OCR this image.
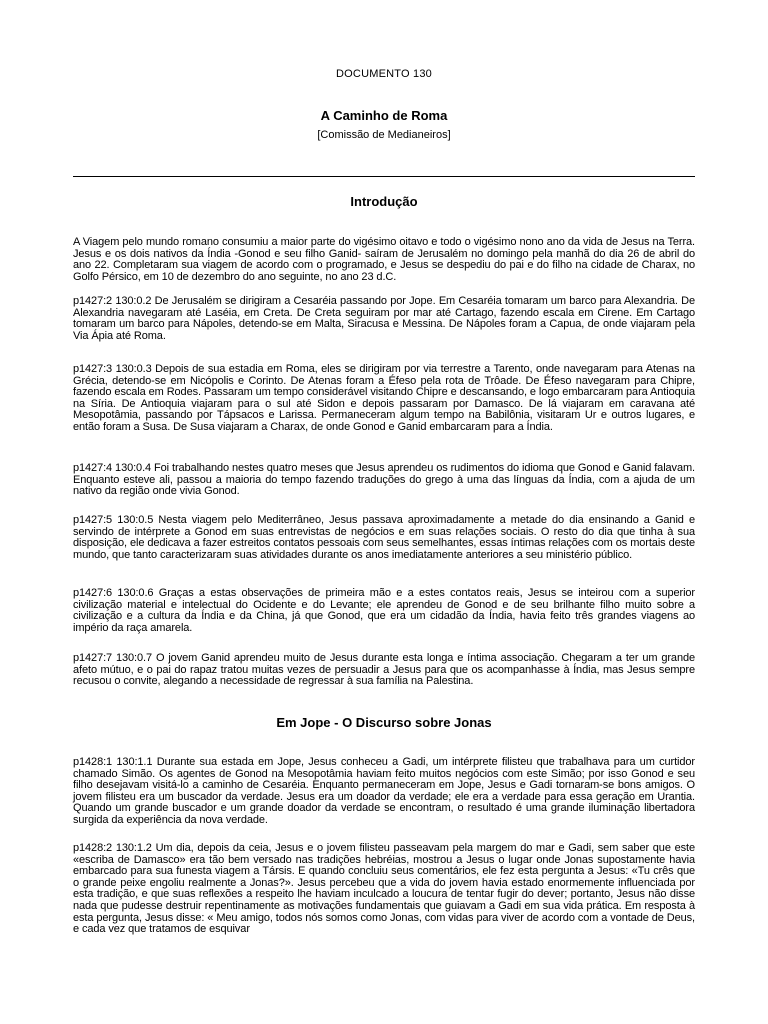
DOCUMENTO 130
A Caminho de Roma
[Comissão de Medianeiros]
Introdução

A Viagem pelo mundo romano consumiu a maior parte do vigésimo oitavo e todo o vigésimo nono ano da vida de Jesus na Terra. Jesus e os dois nativos da Índia -Gonod e seu filho Ganid- saíram de Jerusalém no domingo pela manhã do dia 26 de abril do ano 22. Completaram sua viagem de acordo com o programado, e Jesus se despediu do pai e do filho na cidade de Charax, no Golfo Pérsico, em 10 de dezembro do ano seguinte, no ano 23 d.C.

p1427:2 130:0.2 De Jerusalém se dirigiram a Cesaréia passando por Jope. Em Cesaréia tomaram um barco para Alexandria. De Alexandria navegaram até Laséia, em Creta. De Creta seguiram por mar até Cartago, fazendo escala em Cirene. Em Cartago tomaram um barco para Nápoles, detendo-se em Malta, Siracusa e Messina. De Nápoles foram a Capua, de onde viajaram pela Via Ápia até Roma.

p1427:3 130:0.3 Depois de sua estadia em Roma, eles se dirigiram por via terrestre a Tarento, onde navegaram para Atenas na Grécia, detendo-se em Nicópolis e Corinto. De Atenas foram a Éfeso pela rota de Trôade. De Éfeso navegaram para Chipre, fazendo escala em Rodes. Passaram um tempo considerável visitando Chipre e descansando, e logo embarcaram para Antioquia na Síria. De Antioquia viajaram para o sul até Sidon e depois passaram por Damasco. De lá viajaram em caravana até Mesopotâmia, passando por Tápsacos e Larissa. Permaneceram algum tempo na Babilônia, visitaram Ur e outros lugares, e então foram a Susa. De Susa viajaram a Charax, de onde Gonod e Ganid embarcaram para a Índia.

p1427:4 130:0.4 Foi trabalhando nestes quatro meses que Jesus aprendeu os rudimentos do idioma que Gonod e Ganid falavam. Enquanto esteve ali, passou a maioria do tempo fazendo traduções do grego à uma das línguas da Índia, com a ajuda de um nativo da região onde vivia Gonod.

p1427:5 130:0.5 Nesta viagem pelo Mediterrâneo, Jesus passava aproximadamente a metade do dia ensinando a Ganid e servindo de intérprete a Gonod em suas entrevistas de negócios e em suas relações sociais. O resto do dia que tinha à sua disposição, ele dedicava a fazer estreitos contatos pessoais com seus semelhantes, essas íntimas relações com os mortais deste mundo, que tanto caracterizaram suas atividades durante os anos imediatamente anteriores a seu ministério público.

p1427:6 130:0.6 Graças a estas observações de primeira mão e a estes contatos reais, Jesus se inteirou com a superior civilização material e intelectual do Ocidente e do Levante; ele aprendeu de Gonod e de seu brilhante filho muito sobre a civilização e a cultura da Índia e da China, já que Gonod, que era um cidadão da Índia, havia feito três grandes viagens ao império da raça amarela.

p1427:7 130:0.7 O jovem Ganid aprendeu muito de Jesus durante esta longa e íntima associação. Chegaram a ter um grande afeto mútuo, e o pai do rapaz tratou muitas vezes de persuadir a Jesus para que os acompanhasse à Índia, mas Jesus sempre recusou o convite, alegando a necessidade de regressar à sua família na Palestina.

Em Jope - O Discurso sobre Jonas

p1428:1 130:1.1 Durante sua estada em Jope, Jesus conheceu a Gadi, um intérprete filisteu que trabalhava para um curtidor chamado Simão. Os agentes de Gonod na Mesopotâmia haviam feito muitos negócios com este Simão; por isso Gonod e seu filho desejavam visitá-lo a caminho de Cesaréia. Enquanto permaneceram em Jope, Jesus e Gadi tornaram-se bons amigos. O jovem filisteu era um buscador da verdade. Jesus era um doador da verdade; ele era a verdade para essa geração em Urantia. Quando um grande buscador e um grande doador da verdade se encontram, o resultado é uma grande iluminação libertadora surgida da experiência da nova verdade.

p1428:2 130:1.2 Um dia, depois da ceia, Jesus e o jovem filisteu passeavam pela margem do mar e Gadi, sem saber que este «escriba de Damasco» era tão bem versado nas tradições hebréias, mostrou a Jesus o lugar onde Jonas supostamente havia embarcado para sua funesta viagem a Társis. E quando concluiu seus comentários, ele fez esta pergunta a Jesus: «Tu crês que o grande peixe engoliu realmente a Jonas?». Jesus percebeu que a vida do jovem havia estado enormemente influenciada por esta tradição, e que suas reflexões a respeito lhe haviam inculcado a loucura de tentar fugir do dever; portanto, Jesus não disse nada que pudesse destruir repentinamente as motivações fundamentais que guiavam a Gadi em sua vida prática. Em resposta à esta pergunta, Jesus disse: « Meu amigo, todos nós somos como Jonas, com vidas para viver de acordo com a vontade de Deus, e cada vez que tratamos de esquivar
